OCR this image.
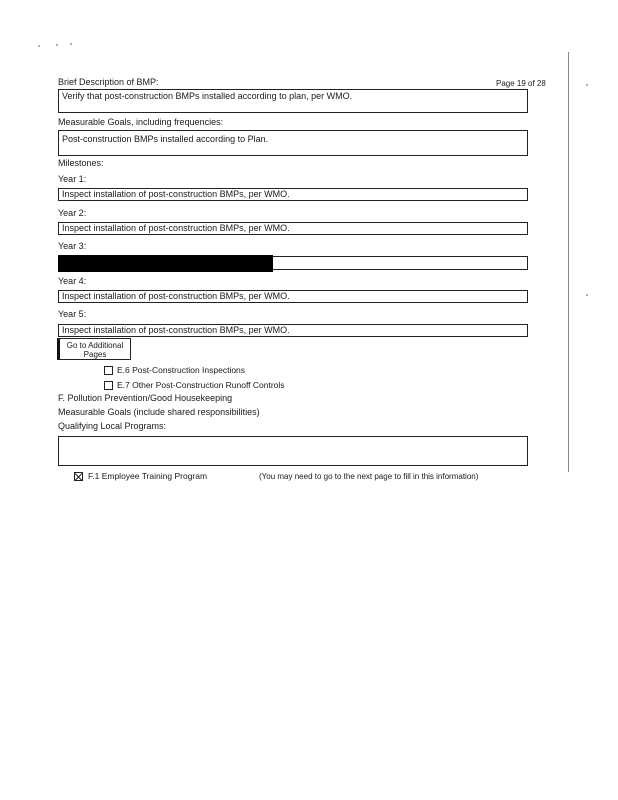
Brief Description of BMP:	Page 19 of 28
Verify that post-construction BMPs installed according to plan, per WMO.
Measurable Goals, including frequencies:
Post-construction BMPs installed according to Plan.
Milestones:
Year 1:
Inspect installation of post-construction BMPs, per WMO.
Year 2:
Inspect installation of post-construction BMPs, per WMO.
Year 3:
Year 4:
Inspect installation of post-construction BMPs, per WMO.
Year 5:
Inspect installation of post-construction BMPs, per WMO.
Go to Additional Pages
E.6 Post-Construction Inspections
E.7 Other Post-Construction Runoff Controls
F. Pollution Prevention/Good Housekeeping
Measurable Goals (include shared responsibilities)
Qualifying Local Programs:
F.1 Employee Training Program	(You may need to go to the next page to fill in this information)
